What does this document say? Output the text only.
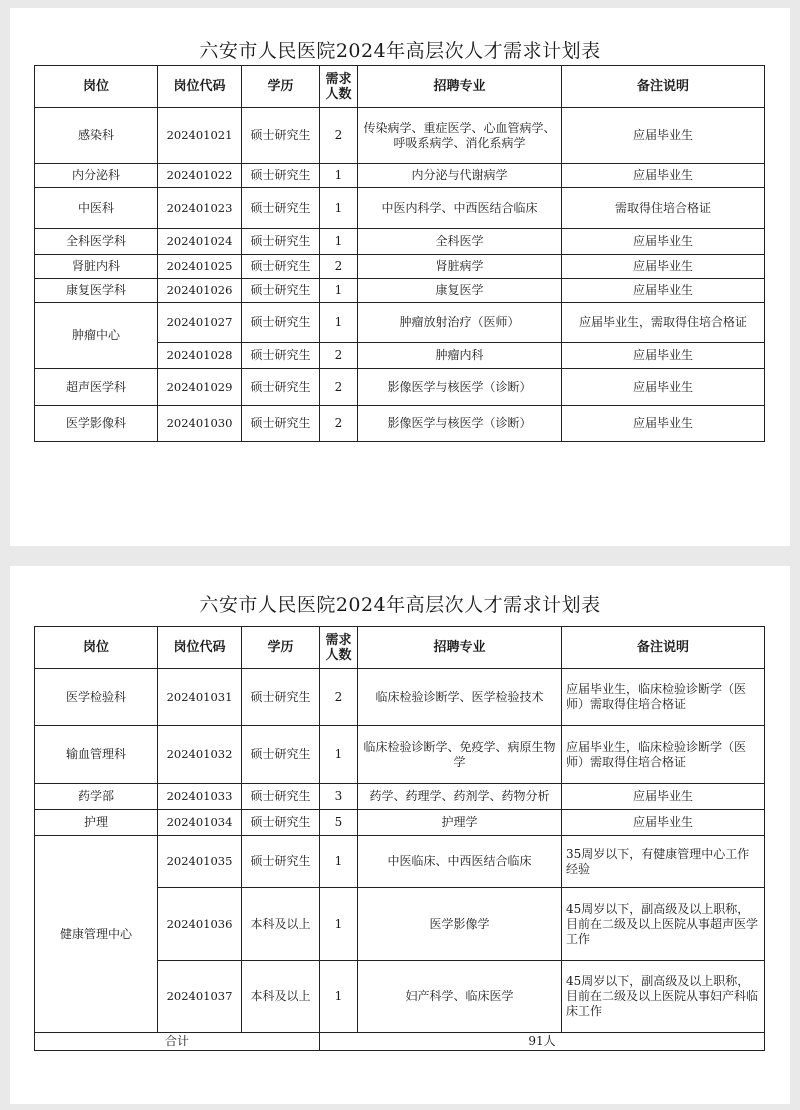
六安市人民医院2024年高层次人才需求计划表
岗位	岗位代码	学历	需求人数	招聘专业	备注说明
感染科	202401021	硕士研究生	2	传染病学、重症医学、心血管病学、呼吸系病学、消化系病学	应届毕业生
内分泌科	202401022	硕士研究生	1	内分泌与代谢病学	应届毕业生
中医科	202401023	硕士研究生	1	中医内科学、中西医结合临床	需取得住培合格证
全科医学科	202401024	硕士研究生	1	全科医学	应届毕业生
肾脏内科	202401025	硕士研究生	2	肾脏病学	应届毕业生
康复医学科	202401026	硕士研究生	1	康复医学	应届毕业生
肿瘤中心	202401027	硕士研究生	1	肿瘤放射治疗（医师）	应届毕业生，需取得住培合格证
	202401028	硕士研究生	2	肿瘤内科	应届毕业生
超声医学科	202401029	硕士研究生	2	影像医学与核医学（诊断）	应届毕业生
医学影像科	202401030	硕士研究生	2	影像医学与核医学（诊断）	应届毕业生
六安市人民医院2024年高层次人才需求计划表
岗位	岗位代码	学历	需求人数	招聘专业	备注说明
医学检验科	202401031	硕士研究生	2	临床检验诊断学、医学检验技术	应届毕业生，临床检验诊断学（医师）需取得住培合格证
输血管理科	202401032	硕士研究生	1	临床检验诊断学、免疫学、病原生物学	应届毕业生，临床检验诊断学（医师）需取得住培合格证
药学部	202401033	硕士研究生	3	药学、药理学、药剂学、药物分析	应届毕业生
护理	202401034	硕士研究生	5	护理学	应届毕业生
健康管理中心	202401035	硕士研究生	1	中医临床、中西医结合临床	35周岁以下，有健康管理中心工作经验
	202401036	本科及以上	1	医学影像学	45周岁以下，副高级及以上职称，目前在二级及以上医院从事超声医学工作
	202401037	本科及以上	1	妇产科学、临床医学	45周岁以下，副高级及以上职称，目前在二级及以上医院从事妇产科临床工作
合计			91人		
